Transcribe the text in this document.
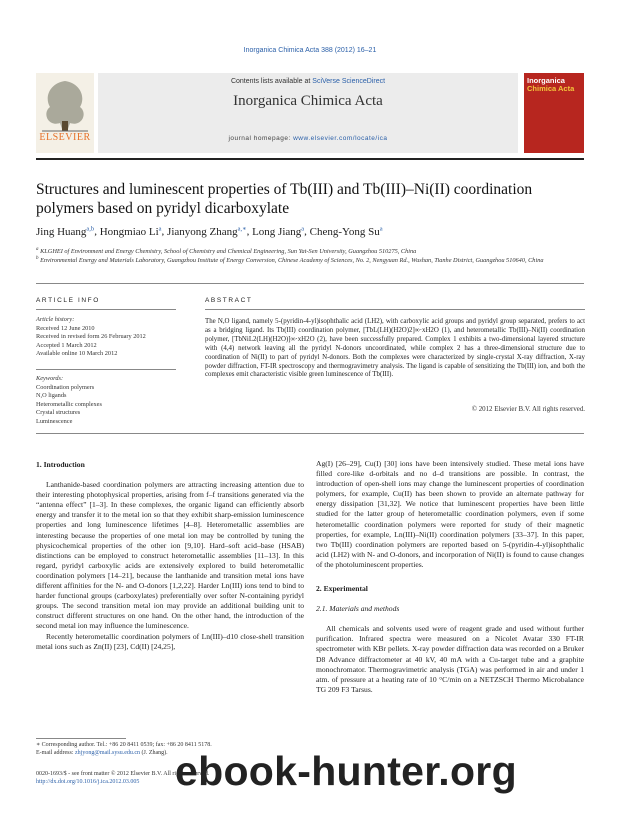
Inorganica Chimica Acta 388 (2012) 16–21
Contents lists available at SciVerse ScienceDirect
Inorganica Chimica Acta
journal homepage: www.elsevier.com/locate/ica
ELSEVIER
Inorganica
Chimica Acta
Structures and luminescent properties of Tb(III) and Tb(III)–Ni(II) coordination polymers based on pyridyl dicarboxylate
Jing Huang$^{a,b}$, Hongmiao Li$^a$, Jianyong Zhang$^{a,∗}$, Long Jiang$^a$, Cheng-Yong Su$^a$
$^a$ KLGHEI of Environment and Energy Chemistry, School of Chemistry and Chemical Engineering, Sun Yat-Sen University, Guangzhou 510275, China
$^b$ Environmental Energy and Materials Laboratory, Guangzhou Institute of Energy Conversion, Chinese Academy of Sciences, No. 2, Nengyuan Rd., Wushan, Tianhe District, Guangzhou 510640, China
ARTICLE INFO
Article history:
Received 12 June 2010
Received in revised form 26 February 2012
Accepted 1 March 2012
Available online 10 March 2012
Keywords:
Coordination polymers
N,O ligands
Heterometallic complexes
Crystal structures
Luminescence
ABSTRACT
The N,O ligand, namely 5-(pyridin-4-yl)isophthalic acid (LH2), with carboxylic acid groups and pyridyl group separated, prefers to act as a bridging ligand. Its Tb(III) coordination polymer, [TbL(LH)(H2O)2]∞·xH2O (1), and heterometallic Tb(III)–Ni(II) coordination polymer, [TbNiL2(LH)(H2O)]∞·xH2O (2), have been successfully prepared. Complex 1 exhibits a two-dimensional layered structure with (4,4) network leaving all the pyridyl N-donors uncoordinated, while complex 2 has a three-dimensional structure due to coordination of Ni(II) to part of pyridyl N-donors. Both the complexes were characterized by single-crystal X-ray diffraction, X-ray powder diffraction, FT-IR spectroscopy and thermogravimetry analysis. The ligand is capable of sensitizing the Tb(III) ion, and both the complexes emit characteristic visible green luminescence of Tb(III).
© 2012 Elsevier B.V. All rights reserved.
1. Introduction

Lanthanide-based coordination polymers are attracting increasing attention due to their interesting photophysical properties, arising from f–f transitions generated via the “antenna effect” [1–3]. In these complexes, the organic ligand can efficiently absorb energy and transfer it to the metal ion so that they exhibit sharp-emission luminescence properties and long luminescence lifetimes [4–8]. Heterometallic assemblies are interesting because the properties of one metal ion may be controlled by tuning the physicochemical properties of the other ion [9,10]. Hard–soft acid–base (HSAB) distinctions can be employed to construct heterometallic assemblies [11–13]. In this regard, pyridyl carboxylic acids are extensively explored to build heterometallic coordination polymers [14–21], because the lanthanide and transition metal ions have different affinities for the N- and O-donors [1,2,22]. Harder Ln(III) ions tend to bind to harder functional groups (carboxylates) preferentially over softer N-containing pyridyl groups. The second transition metal ion may provide an additional building unit to construct different structures on one hand. On the other hand, the introduction of the second metal ion may influence the luminescence.

Recently heterometallic coordination polymers of Ln(III)–d10 close-shell transition metal ions such as Zn(II) [23], Cd(II) [24,25],

Ag(I) [26–29], Cu(I) [30] ions have been intensively studied. These metal ions have filled core-like d-orbitals and no d–d transitions are possible. In contrast, the introduction of open-shell ions may change the luminescent properties of coordination polymers, for example, Cu(II) has been shown to provide an alternate pathway for energy dissipation [31,32]. We notice that luminescent properties have been little studied for the latter group of heterometallic coordination polymers, even if some heterometallic coordination polymers were reported for study of their magnetic properties, for example, Ln(III)–Ni(II) coordination polymers [33–37]. In this paper, two Tb(III) coordination polymers are reported based on 5-(pyridin-4-yl)isophthalic acid (LH2) with N- and O-donors, and incorporation of Ni(II) is found to cause changes of the photoluminescent properties.

2. Experimental
2.1. Materials and methods

All chemicals and solvents used were of reagent grade and used without further purification. Infrared spectra were measured on a Nicolet Avatar 330 FT-IR spectrometer with KBr pellets. X-ray powder diffraction data was recorded on a Bruker D8 Advance diffractometer at 40 kV, 40 mA with a Cu-target tube and a graphite monochromator. Thermogravimetric analysis (TGA) was performed in air and under 1 atm. of pressure at a heating rate of 10 °C/min on a NETZSCH Thermo Microbalance TG 209 F3 Tarsus.

∗ Corresponding author. Tel.: +86 20 8411 0539; fax: +86 20 8411 5178.
E-mail address: zhjyong@mail.sysu.edu.cn (J. Zhang).
0020-1693/$ - see front matter © 2012 Elsevier B.V. All rights reserved.
http://dx.doi.org/10.1016/j.ica.2012.03.005 ebook-hunter.org
